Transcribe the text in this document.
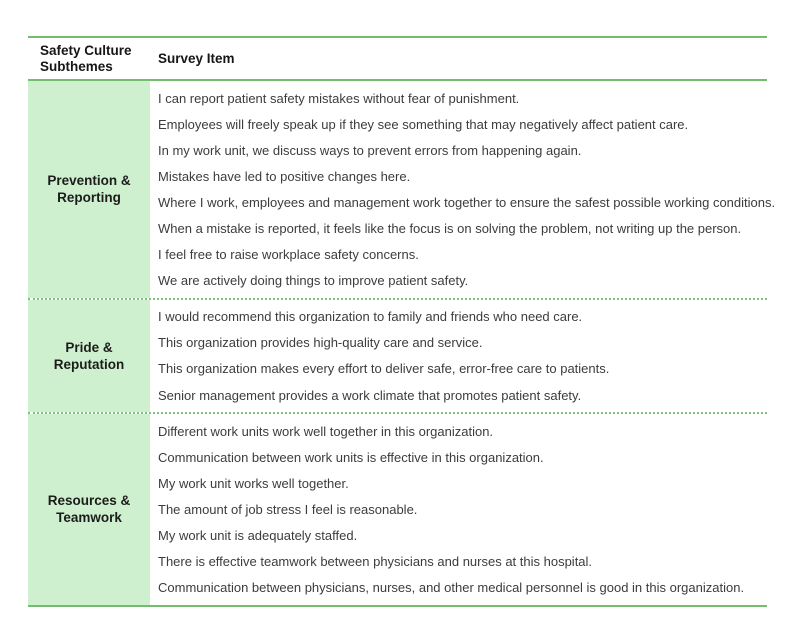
Safety Culture Subthemes	Survey Item
Prevention & Reporting
I can report patient safety mistakes without fear of punishment.
Employees will freely speak up if they see something that may negatively affect patient care.
In my work unit, we discuss ways to prevent errors from happening again.
Mistakes have led to positive changes here.
Where I work, employees and management work together to ensure the safest possible working conditions.
When a mistake is reported, it feels like the focus is on solving the problem, not writing up the person.
I feel free to raise workplace safety concerns.
We are actively doing things to improve patient safety.
Pride & Reputation
I would recommend this organization to family and friends who need care.
This organization provides high-quality care and service.
This organization makes every effort to deliver safe, error-free care to patients.
Senior management provides a work climate that promotes patient safety.
Resources & Teamwork
Different work units work well together in this organization.
Communication between work units is effective in this organization.
My work unit works well together.
The amount of job stress I feel is reasonable.
My work unit is adequately staffed.
There is effective teamwork between physicians and nurses at this hospital.
Communication between physicians, nurses, and other medical personnel is good in this organization.
